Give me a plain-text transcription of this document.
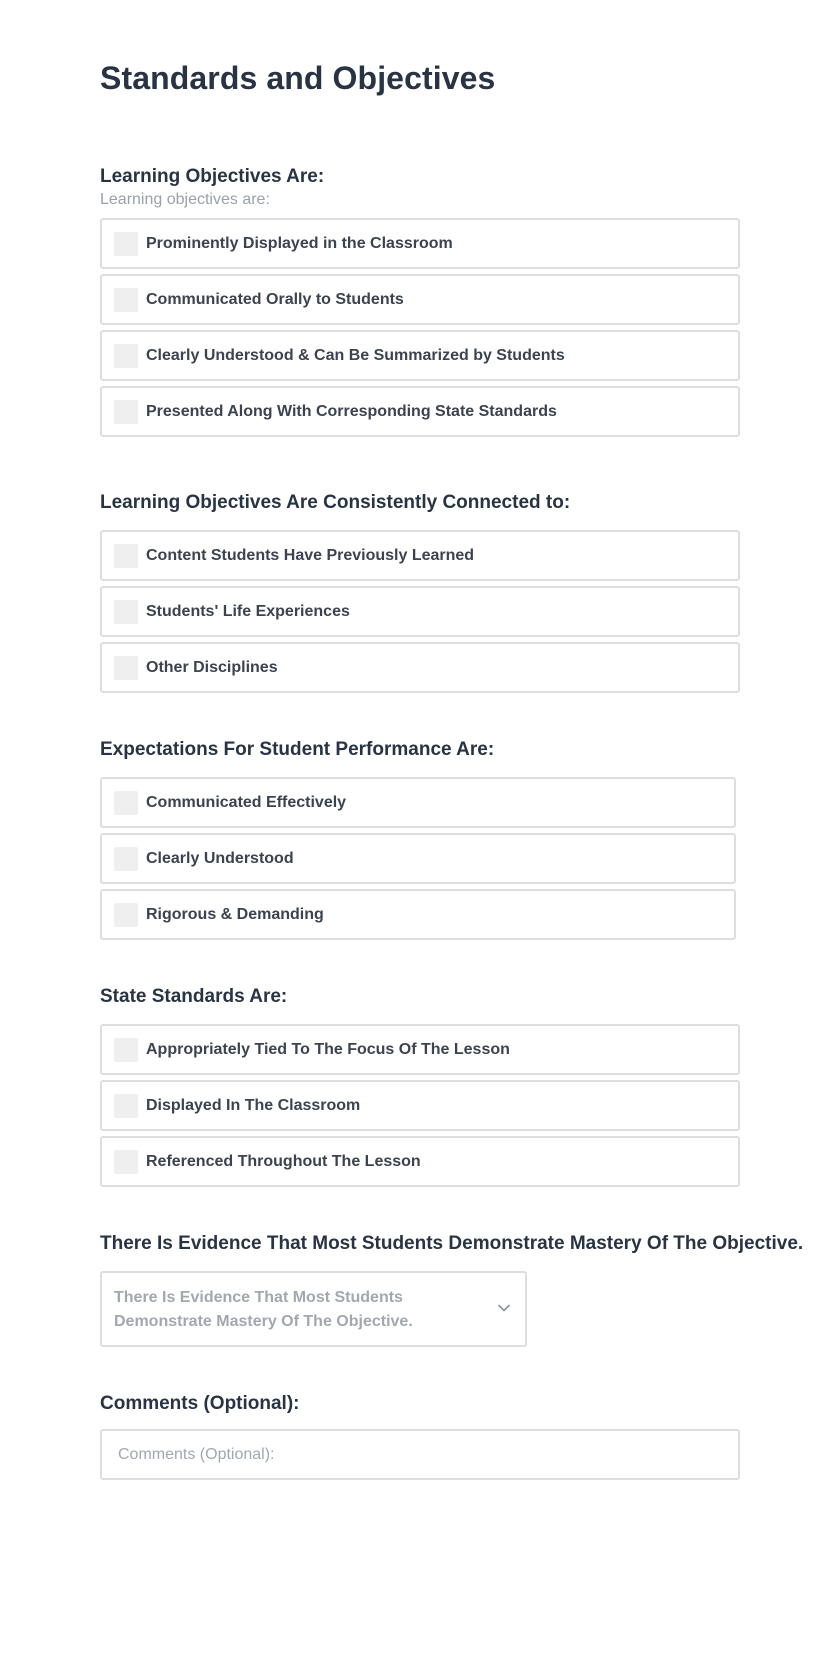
Standards and Objectives
Learning Objectives Are:

Learning objectives are:

Prominently Displayed in the Classroom
Communicated Orally to Students
Clearly Understood & Can Be Summarized by Students
Presented Along With Corresponding State Standards
Learning Objectives Are Consistently Connected to:
Content Students Have Previously Learned
Students' Life Experiences
Other Disciplines
Expectations For Student Performance Are:
Communicated Effectively
Clearly Understood
Rigorous & Demanding
State Standards Are:
Appropriately Tied To The Focus Of The Lesson
Displayed In The Classroom
Referenced Throughout The Lesson
There Is Evidence That Most Students Demonstrate Mastery Of The Objective.
There Is Evidence That Most Students Demonstrate Mastery Of The Objective.
Comments (Optional):
Comments (Optional):
